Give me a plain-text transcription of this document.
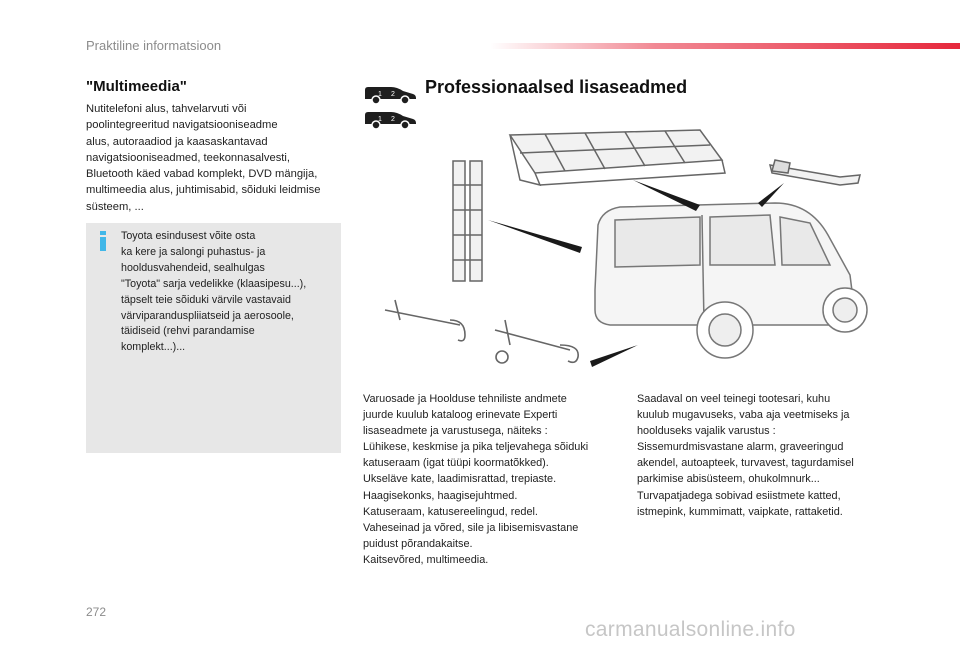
Praktiline informatsioon
"Multimeedia"
Nutitelefoni alus, tahvelarvuti või
poolintegreeritud navigatsiooniseadme
alus, autoraadiod ja kaasaskantavad
navigatsiooniseadmed, teekonnasalvesti,
Bluetooth käed vabad komplekt, DVD mängija,
multimeedia alus, juhtimisabid, sõiduki leidmise
süsteem, ...
Toyota esindusest võite osta
ka kere ja salongi puhastus- ja
hooldusvahendeid, sealhulgas
"Toyota" sarja vedelikke (klaasipesu...),
täpselt teie sõiduki värvile vastavaid
värviparanduspliiatseid ja aerosoole,
täidiseid (rehvi parandamise
komplekt...)...
1 2
1 2
Professionaalsed lisaseadmed
Varuosade ja Hoolduse tehniliste andmete
juurde kuulub kataloog erinevate Experti
lisaseadmete ja varustusega, näiteks :
Lühikese, keskmise ja pika teljevahega sõiduki
katuseraam (igat tüüpi koormatõkked).
Ukseläve kate, laadimisrattad, trepiaste.
Haagisekonks, haagisejuhtmed.
Katuseraam, katusereelingud, redel.
Vaheseinad ja võred, sile ja libisemisvastane
puidust põrandakaitse.
Kaitsevõred, multimeedia.
Saadaval on veel teinegi tootesari, kuhu
kuulub mugavuseks, vaba aja veetmiseks ja
hoolduseks vajalik varustus :
Sissemurdmisvastane alarm, graveeringud
akendel, autoapteek, turvavest, tagurdamisel
parkimise abisüsteem, ohukolmnurk...
Turvapatjadega sobivad esiistmete katted,
istmepink, kummimatt, vaipkate, rattaketid.
272
carmanualsonline.info
